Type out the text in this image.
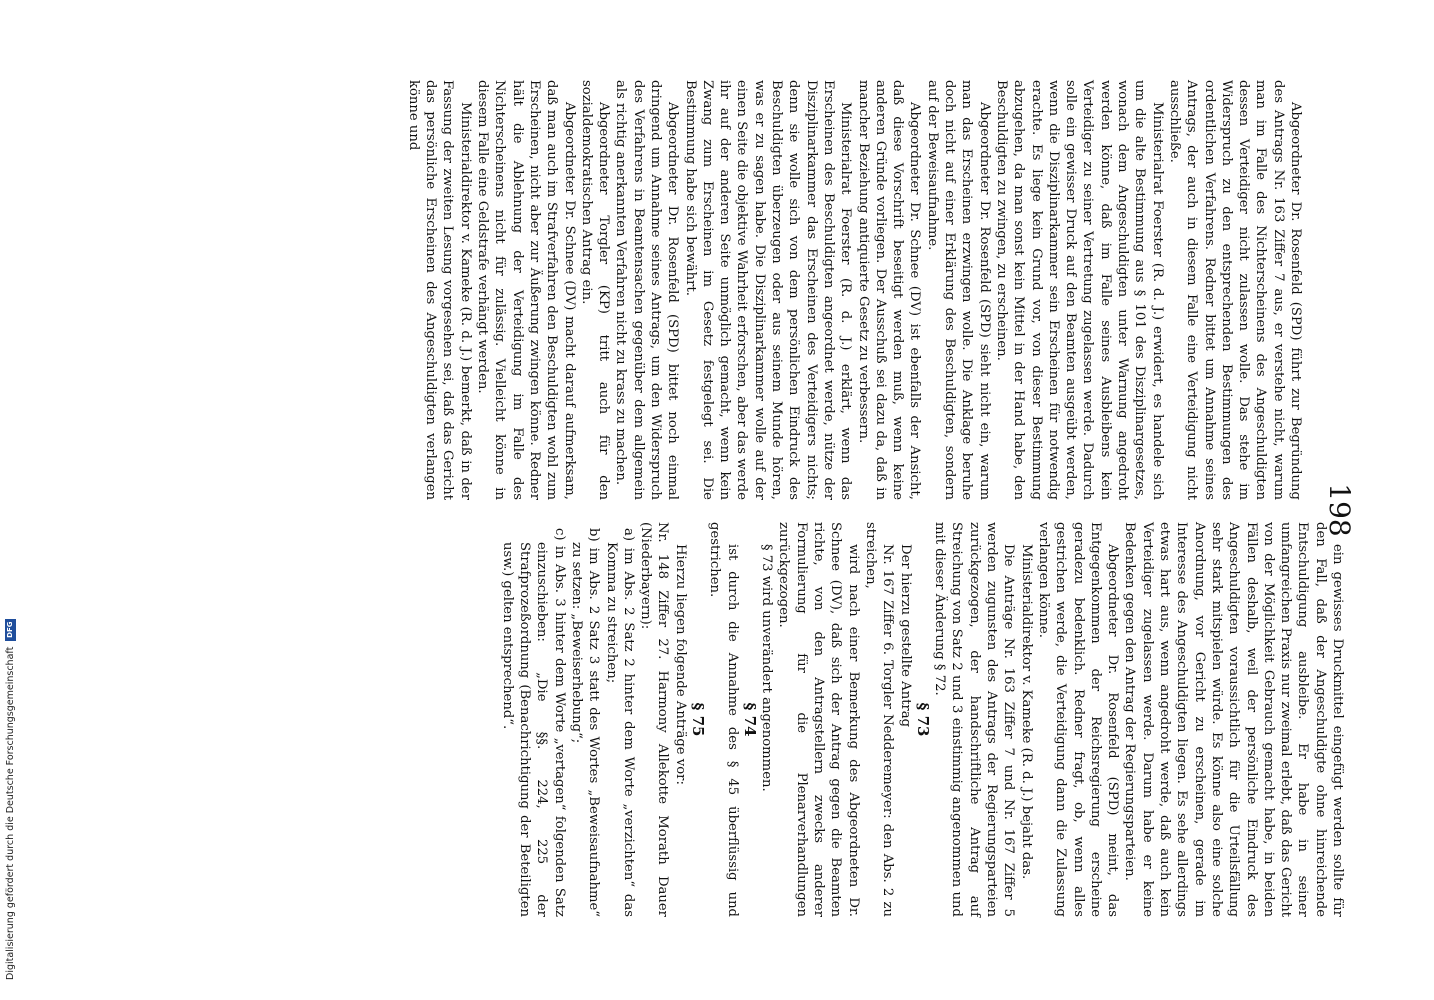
198

Abgeordneter Dr. Rosenfeld (SPD) führt zur Begründung des Antrags Nr. 163 Ziffer 7 aus, er verstehe nicht, warum man im Falle des Nichterscheinens des Angeschuldigten dessen Verteidiger nicht zulassen wolle. Das stehe im Widerspruch zu den entsprechenden Bestimmungen des ordentlichen Verfahrens. Redner bittet um Annahme seines Antrags, der auch in diesem Falle eine Verteidigung nicht ausschließe.

Ministerialrat Foerster (R. d. J.) erwidert, es handele sich um die alte Bestimmung aus § 101 des Disziplinargesetzes, wonach dem Angeschuldigten unter Warnung angedroht werden könne, daß im Falle seines Ausbleibens kein Verteidiger zu seiner Vertretung zugelassen werde. Dadurch solle ein gewisser Druck auf den Beamten ausgeübt werden, wenn die Disziplinarkammer sein Erscheinen für notwendig erachte. Es liege kein Grund vor, von dieser Bestimmung abzugehen, da man sonst kein Mittel in der Hand habe, den Beschuldigten zu zwingen, zu erscheinen.

Abgeordneter Dr. Rosenfeld (SPD) sieht nicht ein, warum man das Erscheinen erzwingen wolle. Die Anklage beruhe doch nicht auf einer Erklärung des Beschuldigten, sondern auf der Beweisaufnahme.

Abgeordneter Dr. Schnee (DV) ist ebenfalls der Ansicht, daß diese Vorschrift beseitigt werden muß, wenn keine anderen Gründe vorliegen. Der Ausschuß sei dazu da, daß in mancher Beziehung antiquierte Gesetz zu verbessern.

Ministerialrat Foerster (R. d. J.) erklärt, wenn das Erscheinen des Beschuldigten angeordnet werde, nütze der Disziplinarkammer das Erscheinen des Verteidigers nichts; denn sie wolle sich von dem persönlichen Eindruck des Beschuldigten überzeugen oder aus seinem Munde hören, was er zu sagen habe. Die Disziplinarkammer wolle auf der einen Seite die objektive Wahrheit erforschen, aber das werde ihr auf der anderen Seite unmöglich gemacht, wenn kein Zwang zum Erscheinen im Gesetz festgelegt sei. Die Bestimmung habe sich bewährt.

Abgeordneter Dr. Rosenfeld (SPD) bittet noch einmal dringend um Annahme seines Antrags, um den Widerspruch des Verfahrens in Beamtensachen gegenüber dem allgemein als richtig anerkannten Verfahren nicht zu krass zu machen.

Abgeordneter Torgler (KP) tritt auch für den sozialdemokratischen Antrag ein.

Abgeordneter Dr. Schnee (DV) macht darauf aufmerksam, daß man auch im Strafverfahren den Beschuldigten wohl zum Erscheinen, nicht aber zur Äußerung zwingen könne. Redner hält die Ablehnung der Verteidigung im Falle des Nichterscheinens nicht für zulässig. Vielleicht könne in diesem Falle eine Geldstrafe verhängt werden.

Ministerialdirektor v. Kameke (R. d. J.) bemerkt, daß in der Fassung der zweiten Lesung vorgesehen sei, daß das Gericht das persönliche Erscheinen des Angeschuldigten verlangen könne und

ein gewisses Druckmittel eingefügt werden sollte für den Fall, daß der Angeschuldigte ohne hinreichende Entschuldigung ausbleibe. Er habe in seiner umfangreichen Praxis nur zweimal erlebt, daß das Gericht von der Möglichkeit Gebrauch gemacht habe, in beiden Fällen deshalb, weil der persönliche Eindruck des Angeschuldigten voraussichtlich für die Urteilsfällung sehr stark mitspielen würde. Es könne also eine solche Anordnung, vor Gericht zu erscheinen, gerade im Interesse des Angeschuldigten liegen. Es sehe allerdings etwas hart aus, wenn angedroht werde, daß auch kein Verteidiger zugelassen werde. Darum habe er keine Bedenken gegen den Antrag der Regierungsparteien.

Abgeordneter Dr. Rosenfeld (SPD) meint, das Entgegenkommen der Reichsregierung erscheine geradezu bedenklich. Redner fragt, ob, wenn alles gestrichen werde, die Verteidigung dann die Zulassung verlangen könne.

Ministerialdirektor v. Kameke (R. d. J.) bejaht das.

Die Anträge Nr. 163 Ziffer 7 und Nr. 167 Ziffer 5 werden zugunsten des Antrags der Regierungsparteien zurückgezogen, der handschriftliche Antrag auf Streichung von Satz 2 und 3 einstimmig angenommen und mit dieser Änderung § 72.

§ 73

Der hierzu gestellte Antrag

Nr. 167 Ziffer 6. Torgler Nedderemeyer: den Abs. 2 zu streichen,

wird nach einer Bemerkung des Abgeordneten Dr. Schnee (DV), daß sich der Antrag gegen die Beamten richte, von den Antragstellern zwecks anderer Formulierung für die Plenarverhandlungen zurückgezogen.

§ 73 wird unverändert angenommen.

§ 74

ist durch die Annahme des § 45 überflüssig und gestrichen.

§ 75

Hierzu liegen folgende Anträge vor:

Nr. 148 Ziffer 27. Harmony Allekotte Morath Dauer (Niederbayern):

a) im Abs. 2 Satz 2 hinter dem Worte „verzichten“ das Komma zu streichen;

b) im Abs. 2 Satz 3 statt des Wortes „Beweisaufnahme“ zu setzen: „Beweiserhebung“;

c) in Abs. 3 hinter dem Worte „vertagen“ folgenden Satz einzuschieben: „Die §§. 224, 225 der Strafprozeßordnung (Benachrichtigung der Beteiligten usw.) gelten entsprechend“.

Digitalisierung gefördert durch die Deutsche Forschungsgemeinschaft
DFG
